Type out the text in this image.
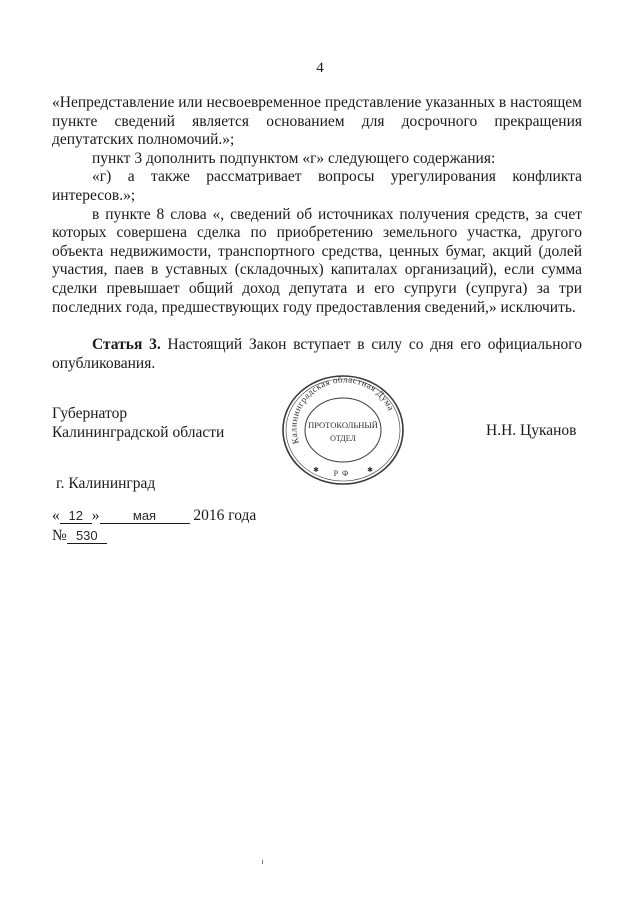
4

«Непредставление или несвоевременное представление указанных в настоящем пункте сведений является основанием для досрочного прекращения депутатских полномочий.»;

пункт 3 дополнить подпунктом «г» следующего содержания:

«г) а также рассматривает вопросы урегулирования конфликта интересов.»;

в пункте 8 слова «, сведений об источниках получения средств, за счет которых совершена сделка по приобретению земельного участка, другого объекта недвижимости, транспортного средства, ценных бумаг, акций (долей участия, паев в уставных (складочных) капиталах организаций), если сумма сделки превышает общий доход депутата и его супруги (супруга) за три последних года, предшествующих году предоставления сведений,» исключить.

Статья 3. Настоящий Закон вступает в силу со дня его официального опубликования.

Губернатор
Калининградской области	Калининградская областная Дума
ПРОТОКОЛЬНЫЙ
ОТДЕЛ
РФ
✱	✱
Н.Н. Цуканов
г. Калининград
« 12 »	мая 2016 года
№ 530
